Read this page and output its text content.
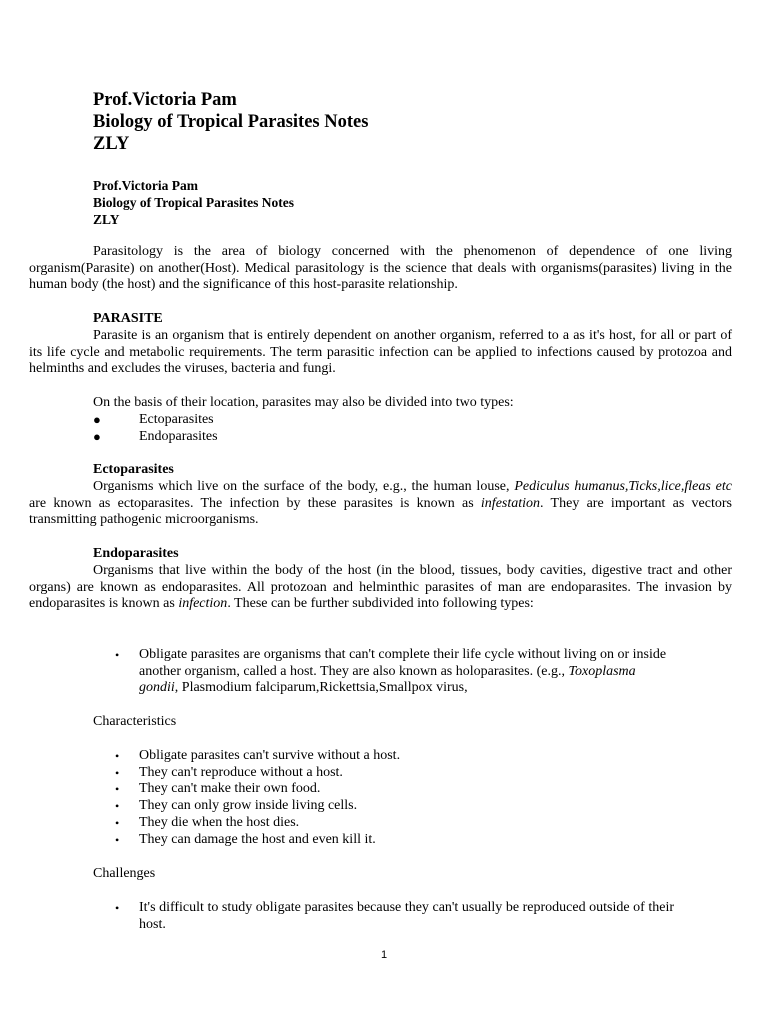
Prof.Victoria Pam
Biology of Tropical Parasites Notes
ZLY
Prof.Victoria Pam
Biology of Tropical Parasites Notes
ZLY

Parasitology is the area of biology concerned with the phenomenon of dependence of one living organism(Parasite) on another(Host). Medical parasitology is the science that deals with organisms(parasites) living in the human body (the host) and the significance of this host-parasite relationship.

PARASITE

Parasite is an organism that is entirely dependent on another organism, referred to a as it's host, for all or part of its life cycle and metabolic requirements. The term parasitic infection can be applied to infections caused by protozoa and helminths and excludes the viruses, bacteria and fungi.

On the basis of their location, parasites may also be divided into two types:
●	Ectoparasites
●	Endoparasites
Ectoparasites

Organisms which live on the surface of the body, e.g., the human louse, Pediculus humanus,Ticks,lice,fleas etc are known as ectoparasites. The infection by these parasites is known as infestation. They are important as vectors transmitting pathogenic microorganisms.

Endoparasites

Organisms that live within the body of the host (in the blood, tissues, body cavities, digestive tract and other organs) are known as endoparasites. All protozoan and helminthic parasites of man are endoparasites. The invasion by endoparasites is known as infection. These can be further subdivided into following types:

• Obligate parasites are organisms that can't complete their life cycle without living on or inside another organism, called a host. They are also known as holoparasites. (e.g., Toxoplasma gondii, Plasmodium falciparum,Rickettsia,Smallpox virus,
Characteristics
• Obligate parasites can't survive without a host.
• They can't reproduce without a host.
• They can't make their own food.
• They can only grow inside living cells.
• They die when the host dies.
• They can damage the host and even kill it.
Challenges
• It's difficult to study obligate parasites because they can't usually be reproduced outside of their host.
1
